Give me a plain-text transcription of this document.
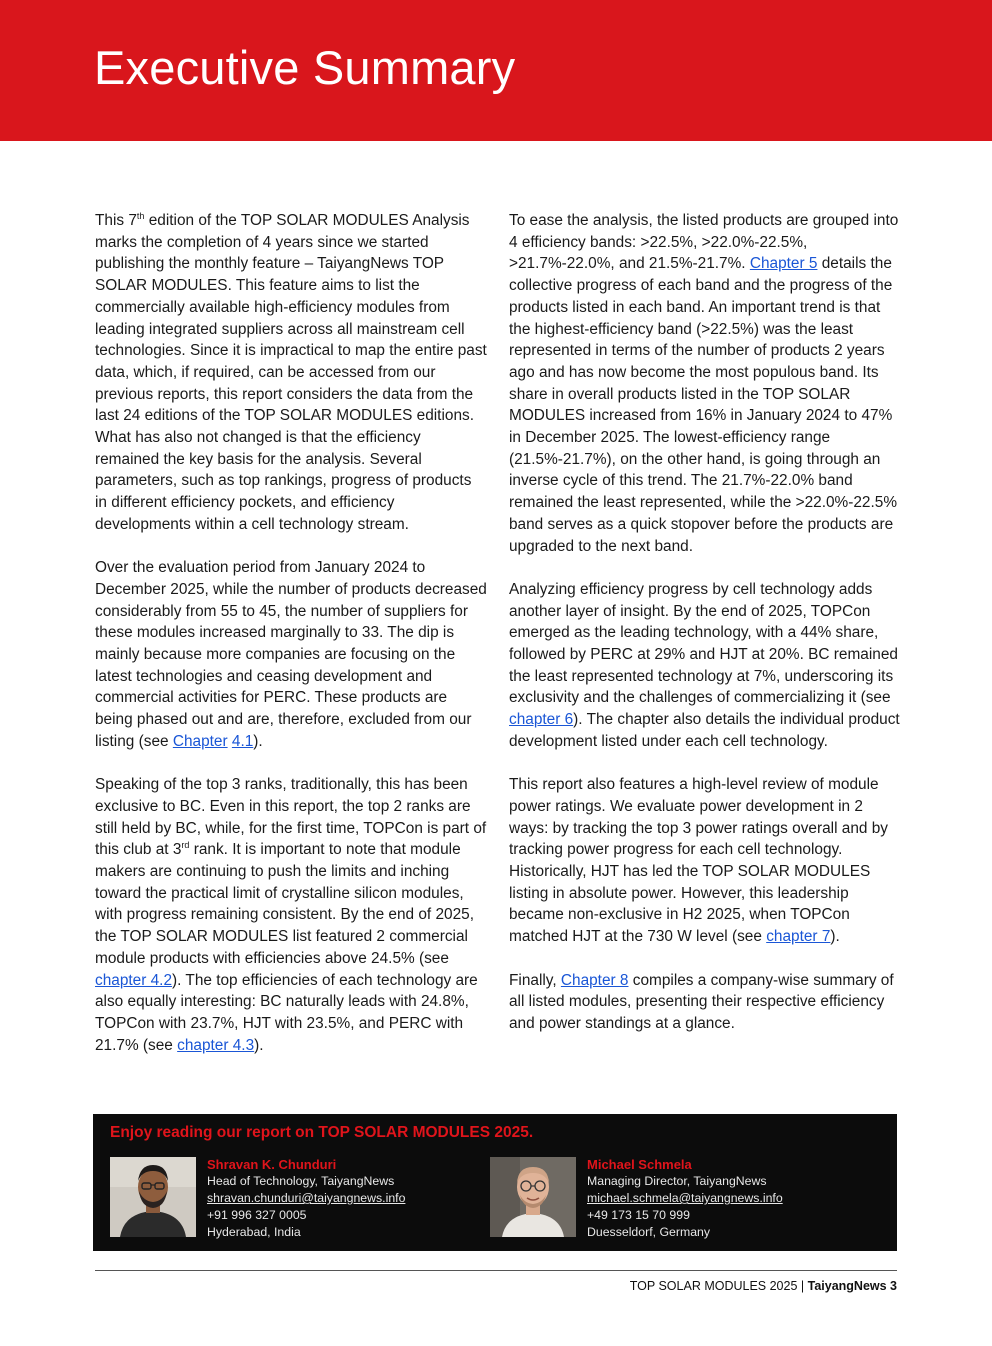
Executive Summary

This 7th edition of the TOP SOLAR MODULES Analysis marks the completion of 4 years since we started publishing the monthly feature – TaiyangNews TOP SOLAR MODULES. This feature aims to list the commercially available high-efficiency modules from leading integrated suppliers across all mainstream cell technologies. Since it is impractical to map the entire past data, which, if required, can be accessed from our previous reports, this report considers the data from the last 24 editions of the TOP SOLAR MODULES editions. What has also not changed is that the efficiency remained the key basis for the analysis. Several parameters, such as top rankings, progress of products in different efficiency pockets, and efficiency developments within a cell technology stream.

Over the evaluation period from January 2024 to December 2025, while the number of products decreased considerably from 55 to 45, the number of suppliers for these modules increased marginally to 33. The dip is mainly because more companies are focusing on the latest technologies and ceasing development and commercial activities for PERC. These products are being phased out and are, therefore, excluded from our listing (see Chapter 4.1).

Speaking of the top 3 ranks, traditionally, this has been exclusive to BC. Even in this report, the top 2 ranks are still held by BC, while, for the first time, TOPCon is part of this club at 3rd rank. It is important to note that module makers are continuing to push the limits and inching toward the practical limit of crystalline silicon modules, with progress remaining consistent. By the end of 2025, the TOP SOLAR MODULES list featured 2 commercial module products with efficiencies above 24.5% (see chapter 4.2). The top efficiencies of each technology are also equally interesting: BC naturally leads with 24.8%, TOPCon with 23.7%, HJT with 23.5%, and PERC with 21.7% (see chapter 4.3).

To ease the analysis, the listed products are grouped into 4 efficiency bands: >22.5%, >22.0%-22.5%, >21.7%-22.0%, and 21.5%-21.7%. Chapter 5 details the collective progress of each band and the progress of the products listed in each band. An important trend is that the highest-efficiency band (>22.5%) was the least represented in terms of the number of products 2 years ago and has now become the most populous band. Its share in overall products listed in the TOP SOLAR MODULES increased from 16% in January 2024 to 47% in December 2025. The lowest-efficiency range (21.5%-21.7%), on the other hand, is going through an inverse cycle of this trend. The 21.7%-22.0% band remained the least represented, while the >22.0%-22.5% band serves as a quick stopover before the products are upgraded to the next band.

Analyzing efficiency progress by cell technology adds another layer of insight. By the end of 2025, TOPCon emerged as the leading technology, with a 44% share, followed by PERC at 29% and HJT at 20%. BC remained the least represented technology at 7%, underscoring its exclusivity and the challenges of commercializing it (see chapter 6). The chapter also details the individual product development listed under each cell technology.

This report also features a high-level review of module power ratings. We evaluate power development in 2 ways: by tracking the top 3 power ratings overall and by tracking power progress for each cell technology. Historically, HJT has led the TOP SOLAR MODULES listing in absolute power. However, this leadership became non-exclusive in H2 2025, when TOPCon matched HJT at the 730 W level (see chapter 7).

Finally, Chapter 8 compiles a company-wise summary of all listed modules, presenting their respective efficiency and power standings at a glance.

Enjoy reading our report on TOP SOLAR MODULES 2025.
Shravan K. Chunduri
Head of Technology, TaiyangNews
shravan.chunduri@taiyangnews.info
+91 996 327 0005
Hyderabad, India
Michael Schmela
Managing Director, TaiyangNews
michael.schmela@taiyangnews.info
+49 173 15 70 999
Duesseldorf, Germany
TOP SOLAR MODULES 2025 | TaiyangNews 3
